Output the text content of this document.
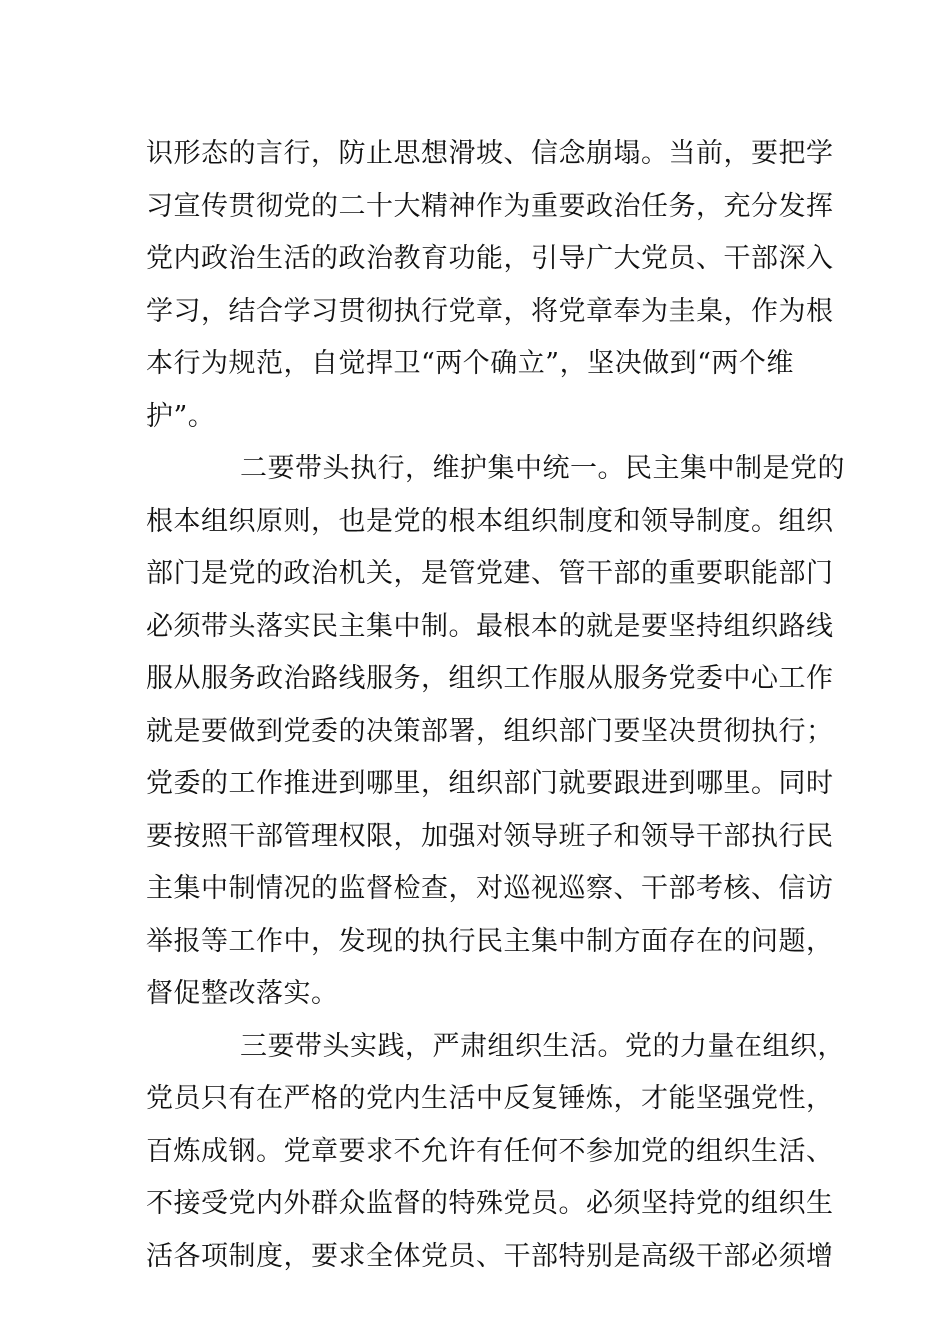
识形态的言行，防止思想滑坡、信念崩塌。当前，要把学
习宣传贯彻党的二十大精神作为重要政治任务，充分发挥
党内政治生活的政治教育功能，引导广大党员、干部深入
学习，结合学习贯彻执行党章，将党章奉为圭臬，作为根
本行为规范，自觉捍卫“两个确立”，坚决做到“两个维
护”。
二要带头执行，维护集中统一。民主集中制是党的
根本组织原则，也是党的根本组织制度和领导制度。组织
部门是党的政治机关，是管党建、管干部的重要职能部门
必须带头落实民主集中制。最根本的就是要坚持组织路线
服从服务政治路线服务，组织工作服从服务党委中心工作
就是要做到党委的决策部署，组织部门要坚决贯彻执行；
党委的工作推进到哪里，组织部门就要跟进到哪里。同时
要按照干部管理权限，加强对领导班子和领导干部执行民
主集中制情况的监督检查，对巡视巡察、干部考核、信访
举报等工作中，发现的执行民主集中制方面存在的问题，
督促整改落实。
三要带头实践，严肃组织生活。党的力量在组织，
党员只有在严格的党内生活中反复锤炼，才能坚强党性，
百炼成钢。党章要求不允许有任何不参加党的组织生活、
不接受党内外群众监督的特殊党员。必须坚持党的组织生
活各项制度，要求全体党员、干部特别是高级干部必须增
